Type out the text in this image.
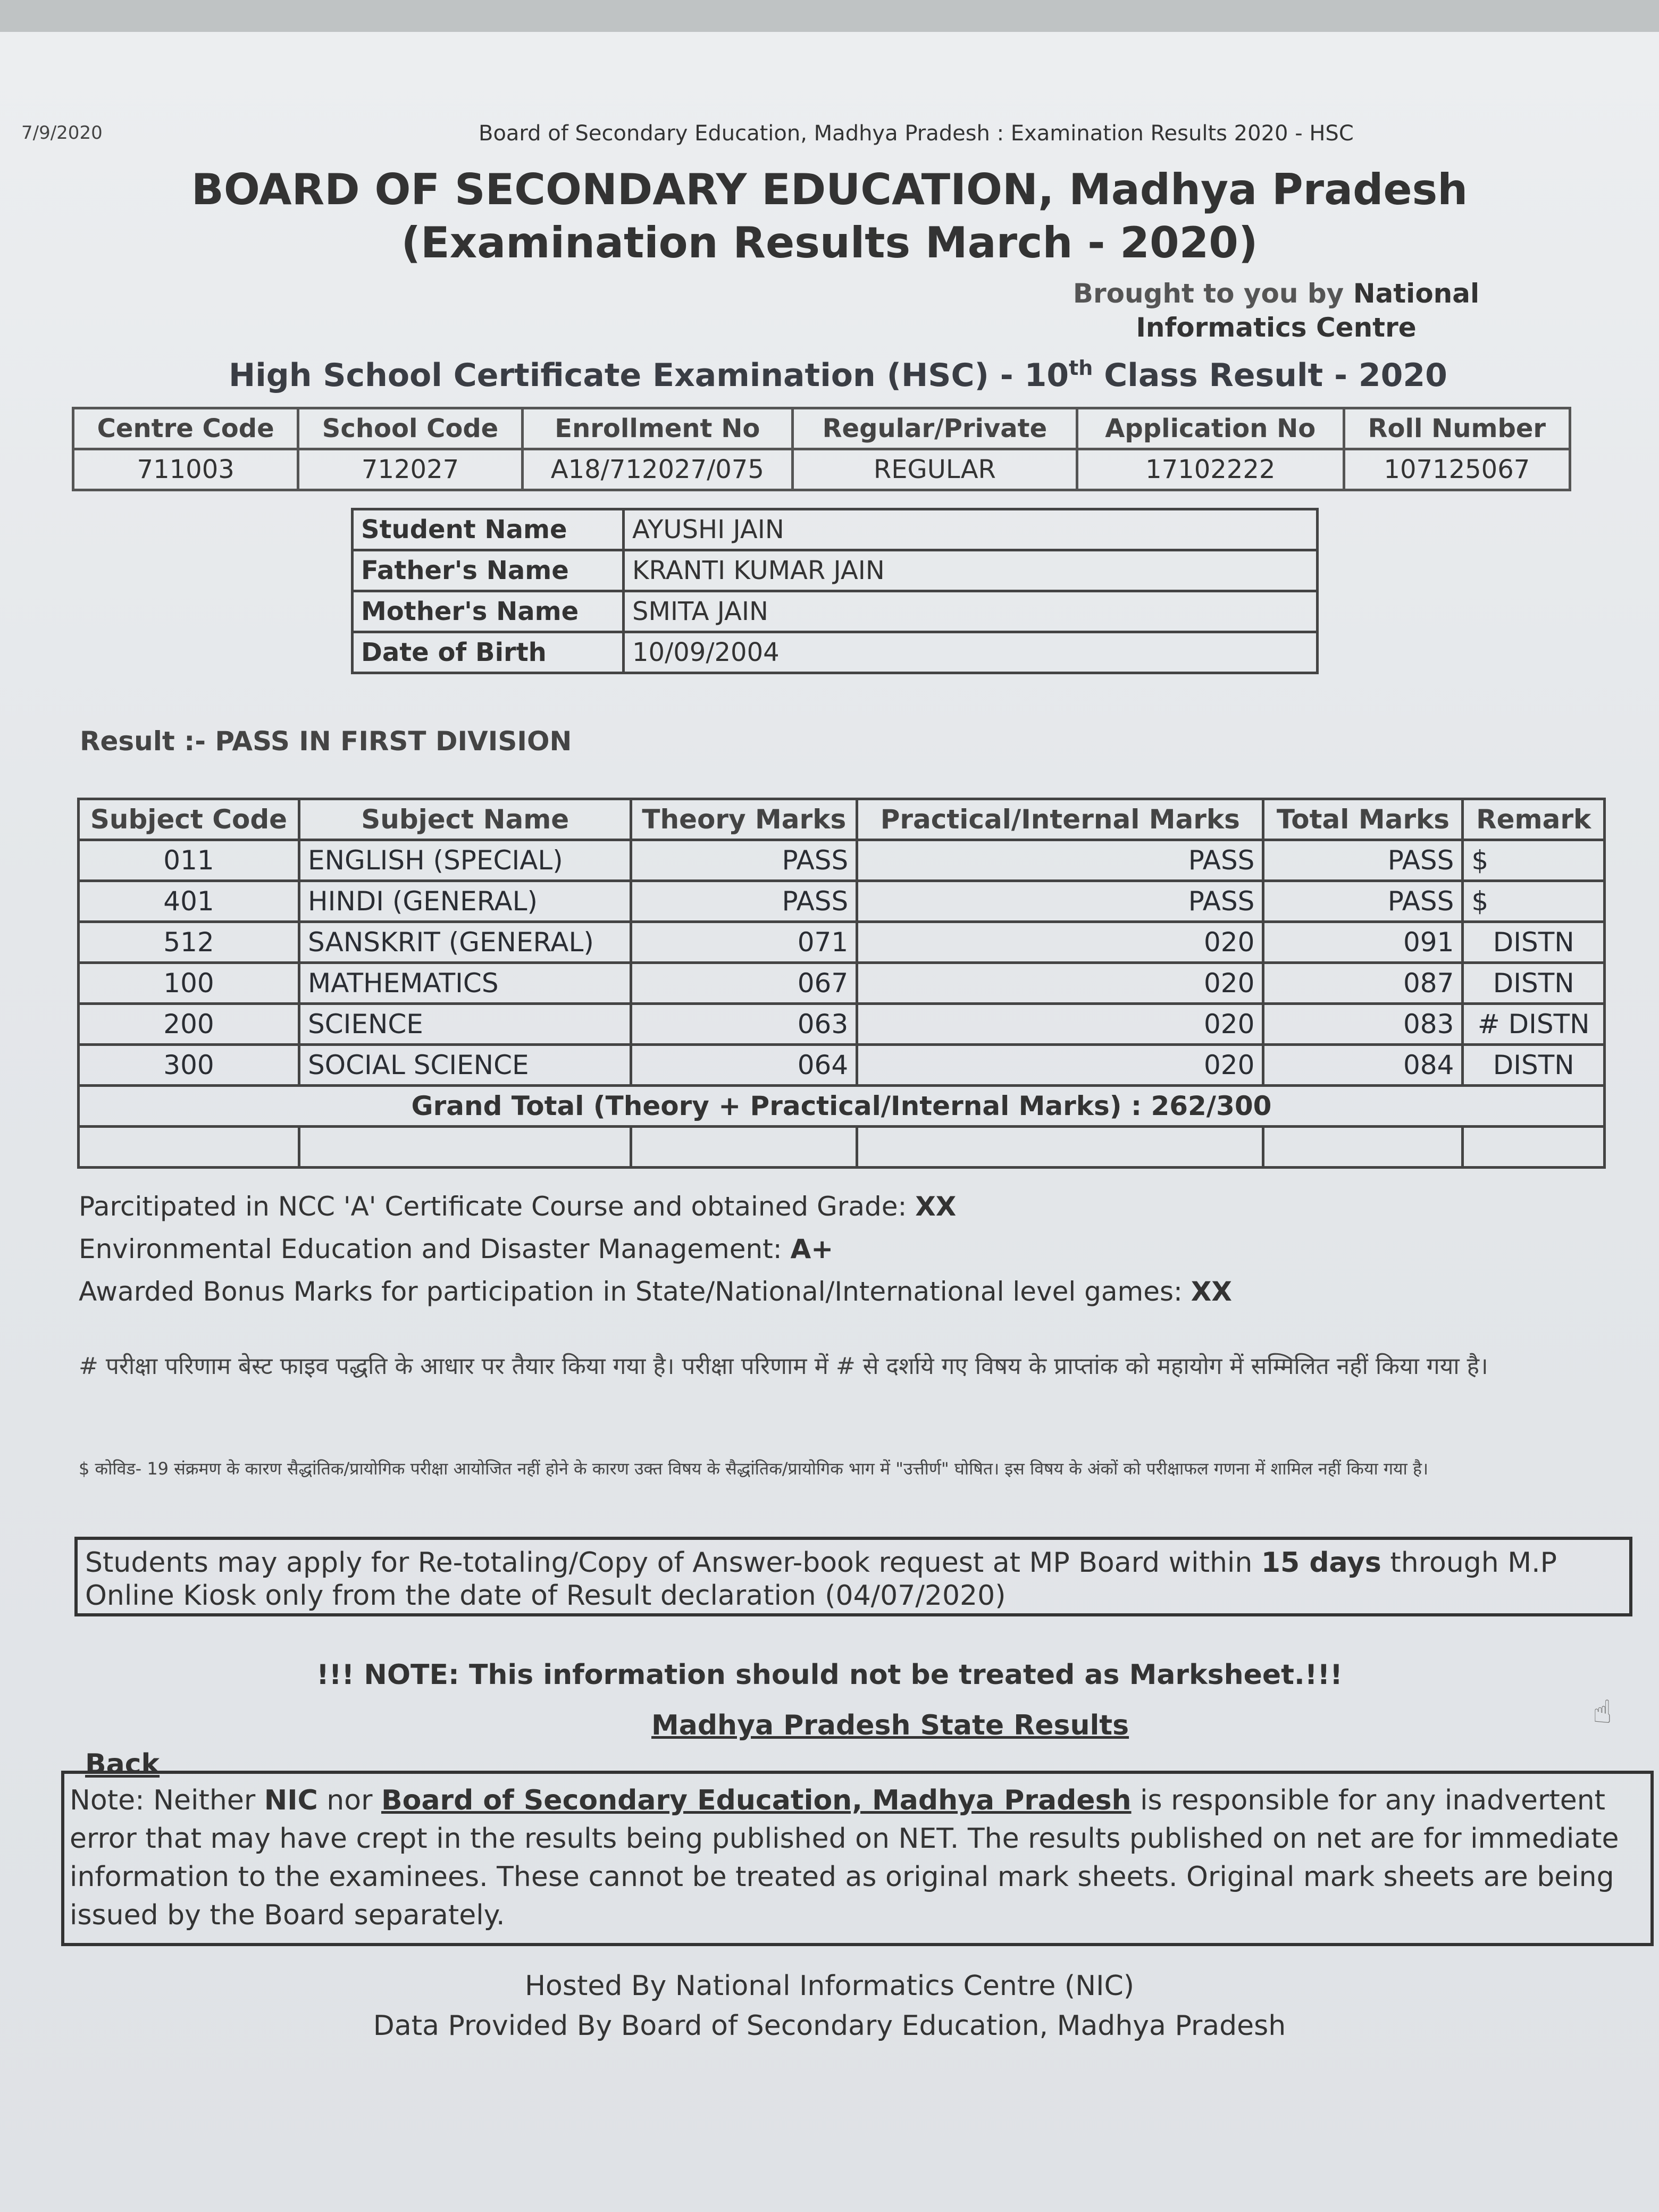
7/9/2020	Board of Secondary Education, Madhya Pradesh : Examination Results 2020 - HSC
BOARD OF SECONDARY EDUCATION, Madhya Pradesh
(Examination Results March - 2020)
Brought to you by National Informatics Centre
High School Certificate Examination (HSC) - 10th Class Result - 2020
Centre Code	School Code	Enrollment No	Regular/Private	Application No	Roll Number
711003	712027	A18/712027/075	REGULAR	17102222	107125067
Student Name	AYUSHI JAIN
Father's Name	KRANTI KUMAR JAIN
Mother's Name	SMITA JAIN
Date of Birth	10/09/2004
Result :- PASS IN FIRST DIVISION
Subject Code	Subject Name	Theory Marks	Practical/Internal Marks	Total Marks	Remark
011	ENGLISH (SPECIAL)	PASS	PASS	PASS	$
401	HINDI (GENERAL)	PASS	PASS	PASS	$
512	SANSKRIT (GENERAL)	071	020	091	DISTN
100	MATHEMATICS	067	020	087	DISTN
200	SCIENCE	063	020	083	# DISTN
300	SOCIAL SCIENCE	064	020	084	DISTN
Grand Total (Theory + Practical/Internal Marks) : 262/300					

Parcitipated in NCC 'A' Certificate Course and obtained Grade: XX
Environmental Education and Disaster Management: A+
Awarded Bonus Marks for participation in State/National/International level games: XX
# परीक्षा परिणाम बेस्ट फाइव पद्धति के आधार पर तैयार किया गया है। परीक्षा परिणाम में # से दर्शाये गए विषय के प्राप्तांक को महायोग में सम्मिलित नहीं किया गया है।
$ कोविड- 19 संक्रमण के कारण सैद्धांतिक/प्रायोगिक परीक्षा आयोजित नहीं होने के कारण उक्त विषय के सैद्धांतिक/प्रायोगिक भाग में "उत्तीर्ण" घोषित। इस विषय के अंकों को परीक्षाफल गणना में शामिल नहीं किया गया है।
Students may apply for Re-totaling/Copy of Answer-book request at MP Board within 15 days through M.P Online Kiosk only from the date of Result declaration (04/07/2020)
!!! NOTE: This information should not be treated as Marksheet.!!!
Madhya Pradesh State Results
Back
☝
Note: Neither NIC nor Board of Secondary Education, Madhya Pradesh is responsible for any inadvertent error that may have crept in the results being published on NET. The results published on net are for immediate information to the examinees. These cannot be treated as original mark sheets. Original mark sheets are being issued by the Board separately.
Hosted By National Informatics Centre (NIC)
Data Provided By Board of Secondary Education, Madhya Pradesh
